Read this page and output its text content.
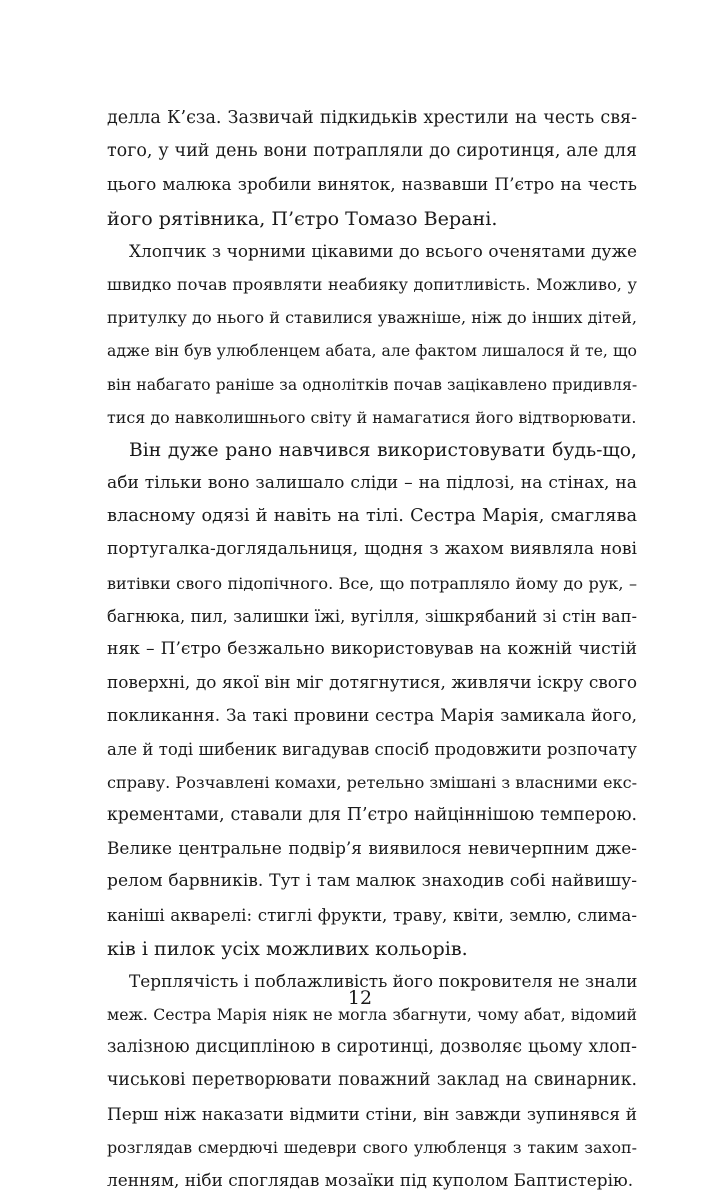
делла К’єза. Зазвичай підкидьків хрестили на честь свя-
того, у чий день вони потрапляли до сиротинця, але для
цього малюка зробили виняток, назвавши П’єтро на честь
його рятівника, П’єтро Томазо Верані.
Хлопчик з чорними цікавими до всього оченятами дуже
швидко почав проявляти неабияку допитливість. Можливо, у
притулку до нього й ставилися уважніше, ніж до інших дітей,
адже він був улюбленцем абата, але фактом лишалося й те, що
він набагато раніше за однолітків почав зацікавлено придивля-
тися до навколишнього світу й намагатися його відтворювати.
Він дуже рано навчився використовувати будь-що,
аби тільки воно залишало сліди – на підлозі, на стінах, на
власному одязі й навіть на тілі. Сестра Марія, смаглява
португалка-доглядальниця, щодня з жахом виявляла нові
витівки свого підопічного. Все, що потрапляло йому до рук, –
багнюка, пил, залишки їжі, вугілля, зішкрябаний зі стін вап-
няк – П’єтро безжально використовував на кожній чистій
поверхні, до якої він міг дотягнутися, живлячи іскру свого
покликання. За такі провини сестра Марія замикала його,
але й тоді шибеник вигадував спосіб продовжити розпочату
справу. Розчавлені комахи, ретельно змішані з власними екс-
крементами, ставали для П’єтро найціннішою темперою.
Велике центральне подвір’я виявилося невичерпним дже-
релом барвників. Тут і там малюк знаходив собі найвишу-
каніші акварелі: стиглі фрукти, траву, квіти, землю, слима-
ків і пилок усіх можливих кольорів.
Терплячість і поблажливість його покровителя не знали
меж. Сестра Марія ніяк не могла збагнути, чому абат, відомий
залізною дисципліною в сиротинці, дозволяє цьому хлоп-
чиськові перетворювати поважний заклад на свинарник.
Перш ніж наказати відмити стіни, він завжди зупинявся й
розглядав смердючі шедеври свого улюбленця з таким захоп-
ленням, ніби споглядав мозаїки під куполом Баптистерію.
12
